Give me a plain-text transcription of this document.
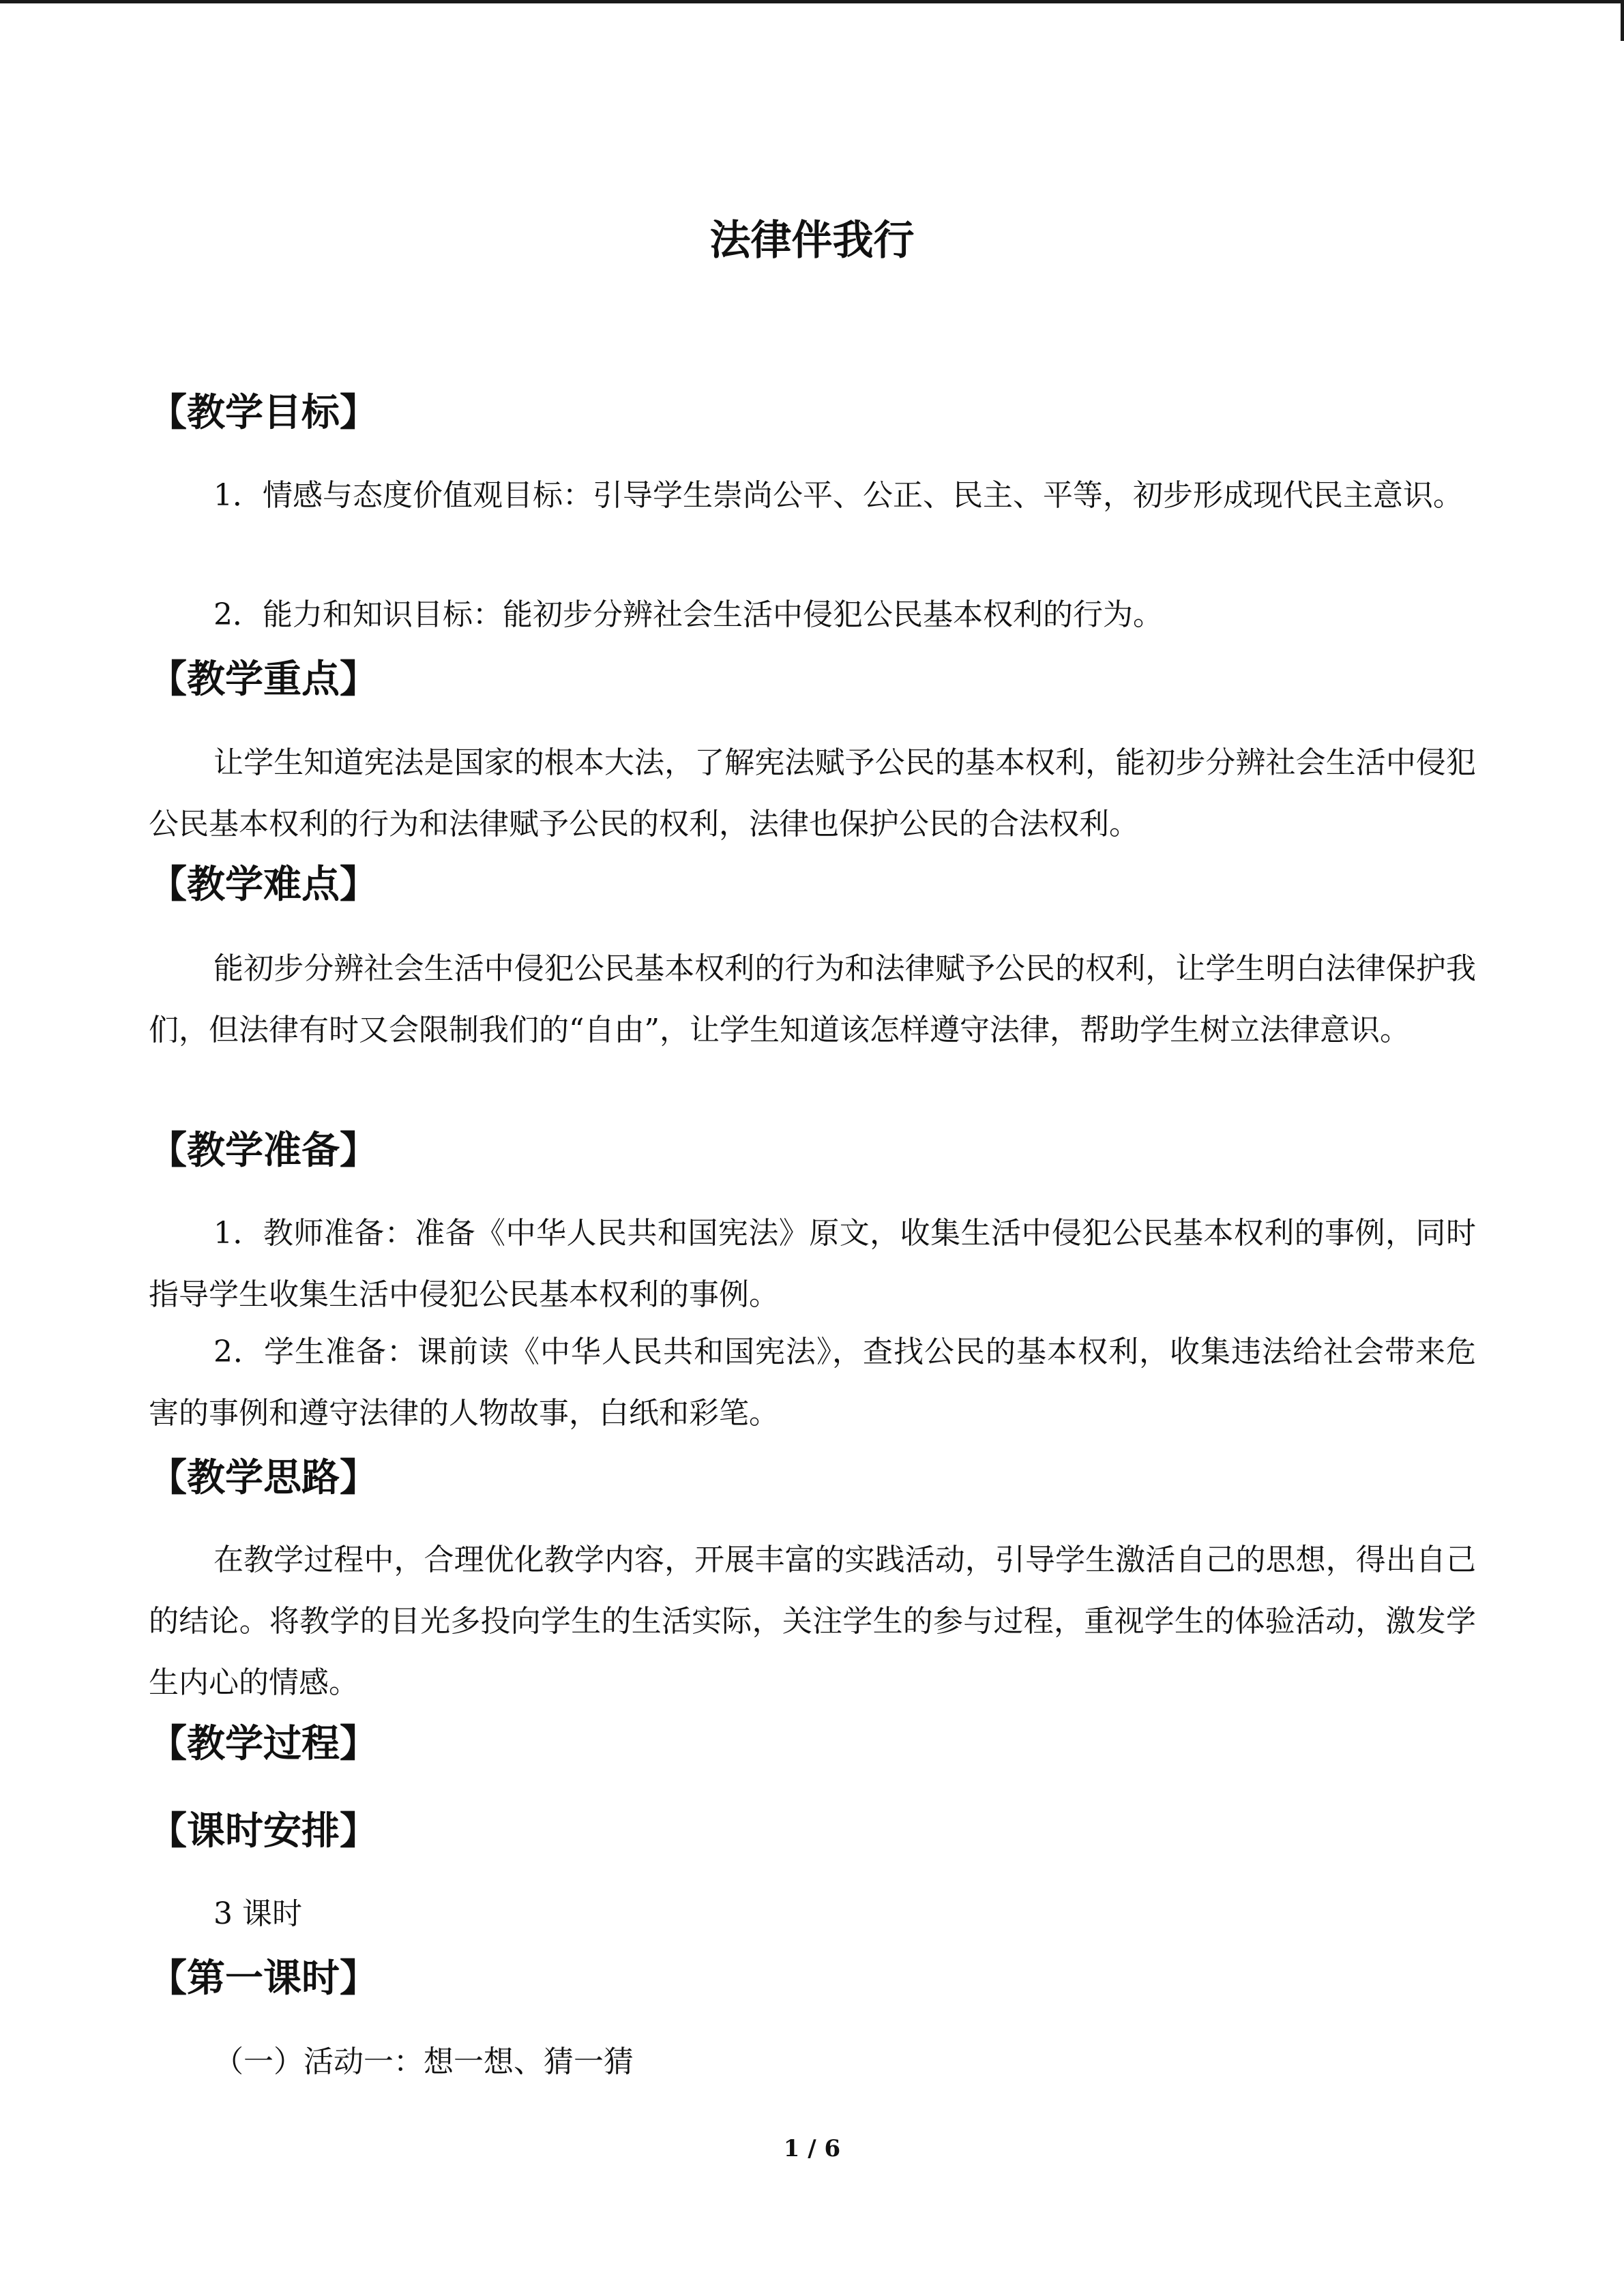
法律伴我行
【教学目标】
1．情感与态度价值观目标：引导学生崇尚公平、公正、民主、平等，初步形成现代民主意识。
2．能力和知识目标：能初步分辨社会生活中侵犯公民基本权利的行为。
【教学重点】
让学生知道宪法是国家的根本大法，了解宪法赋予公民的基本权利，能初步分辨社会生活中侵犯公民基本权利的行为和法律赋予公民的权利，法律也保护公民的合法权利。
【教学难点】
能初步分辨社会生活中侵犯公民基本权利的行为和法律赋予公民的权利，让学生明白法律保护我们，但法律有时又会限制我们的“自由”，让学生知道该怎样遵守法律，帮助学生树立法律意识。
【教学准备】
1．教师准备：准备《中华人民共和国宪法》原文，收集生活中侵犯公民基本权利的事例，同时指导学生收集生活中侵犯公民基本权利的事例。
2．学生准备：课前读《中华人民共和国宪法》，查找公民的基本权利，收集违法给社会带来危害的事例和遵守法律的人物故事，白纸和彩笔。
【教学思路】
在教学过程中，合理优化教学内容，开展丰富的实践活动，引导学生激活自己的思想，得出自己的结论。将教学的目光多投向学生的生活实际，关注学生的参与过程，重视学生的体验活动，激发学生内心的情感。
【教学过程】
【课时安排】
3 课时
【第一课时】
（一）活动一：想一想、猜一猜
1 / 6
